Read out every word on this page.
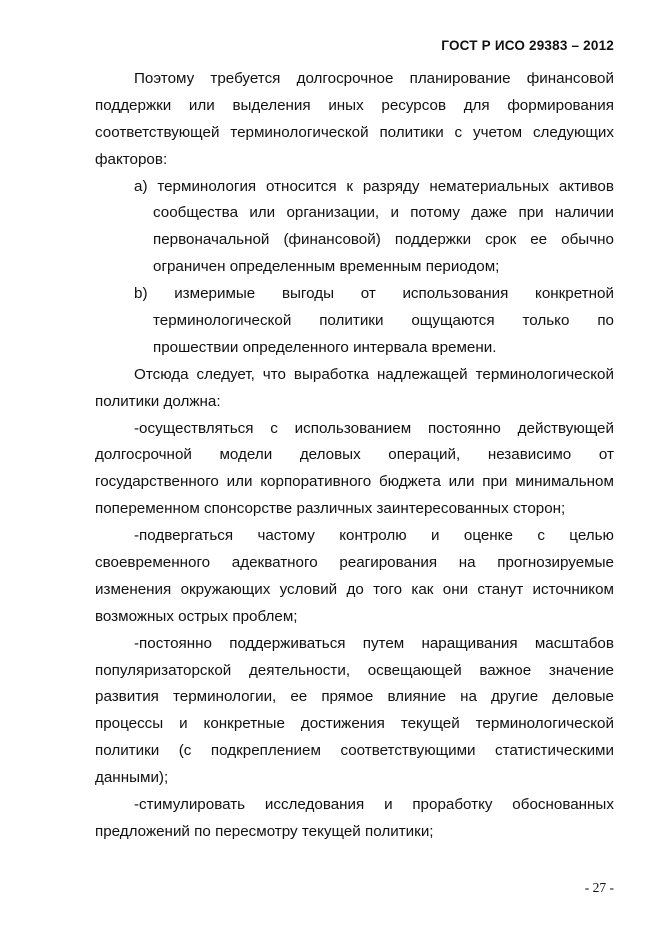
ГОСТ Р ИСО 29383 – 2012
Поэтому требуется долгосрочное планирование финансовой
поддержки или выделения иных ресурсов для формирования
соответствующей терминологической политики с учетом следующих
факторов:
a) терминология относится к разряду нематериальных активов
сообщества или организации, и потому даже при наличии
первоначальной (финансовой) поддержки срок ее обычно
ограничен определенным временным периодом;
b) измеримые выгоды от использования конкретной
терминологической политики ощущаются только по
прошествии определенного интервала времени.
Отсюда следует, что выработка надлежащей терминологической
политики должна:
-осуществляться с использованием постоянно действующей
долгосрочной модели деловых операций, независимо от
государственного или корпоративного бюджета или при минимальном
попеременном спонсорстве различных заинтересованных сторон;
-подвергаться частому контролю и оценке с целью
своевременного адекватного реагирования на прогнозируемые
изменения окружающих условий до того как они станут источником
возможных острых проблем;
-постоянно поддерживаться путем наращивания масштабов
популяризаторской деятельности, освещающей важное значение
развития терминологии, ее прямое влияние на другие деловые
процессы и конкретные достижения текущей терминологической
политики (с подкреплением соответствующими статистическими
данными);
-стимулировать исследования и проработку обоснованных
предложений по пересмотру текущей политики;
- 27 -
